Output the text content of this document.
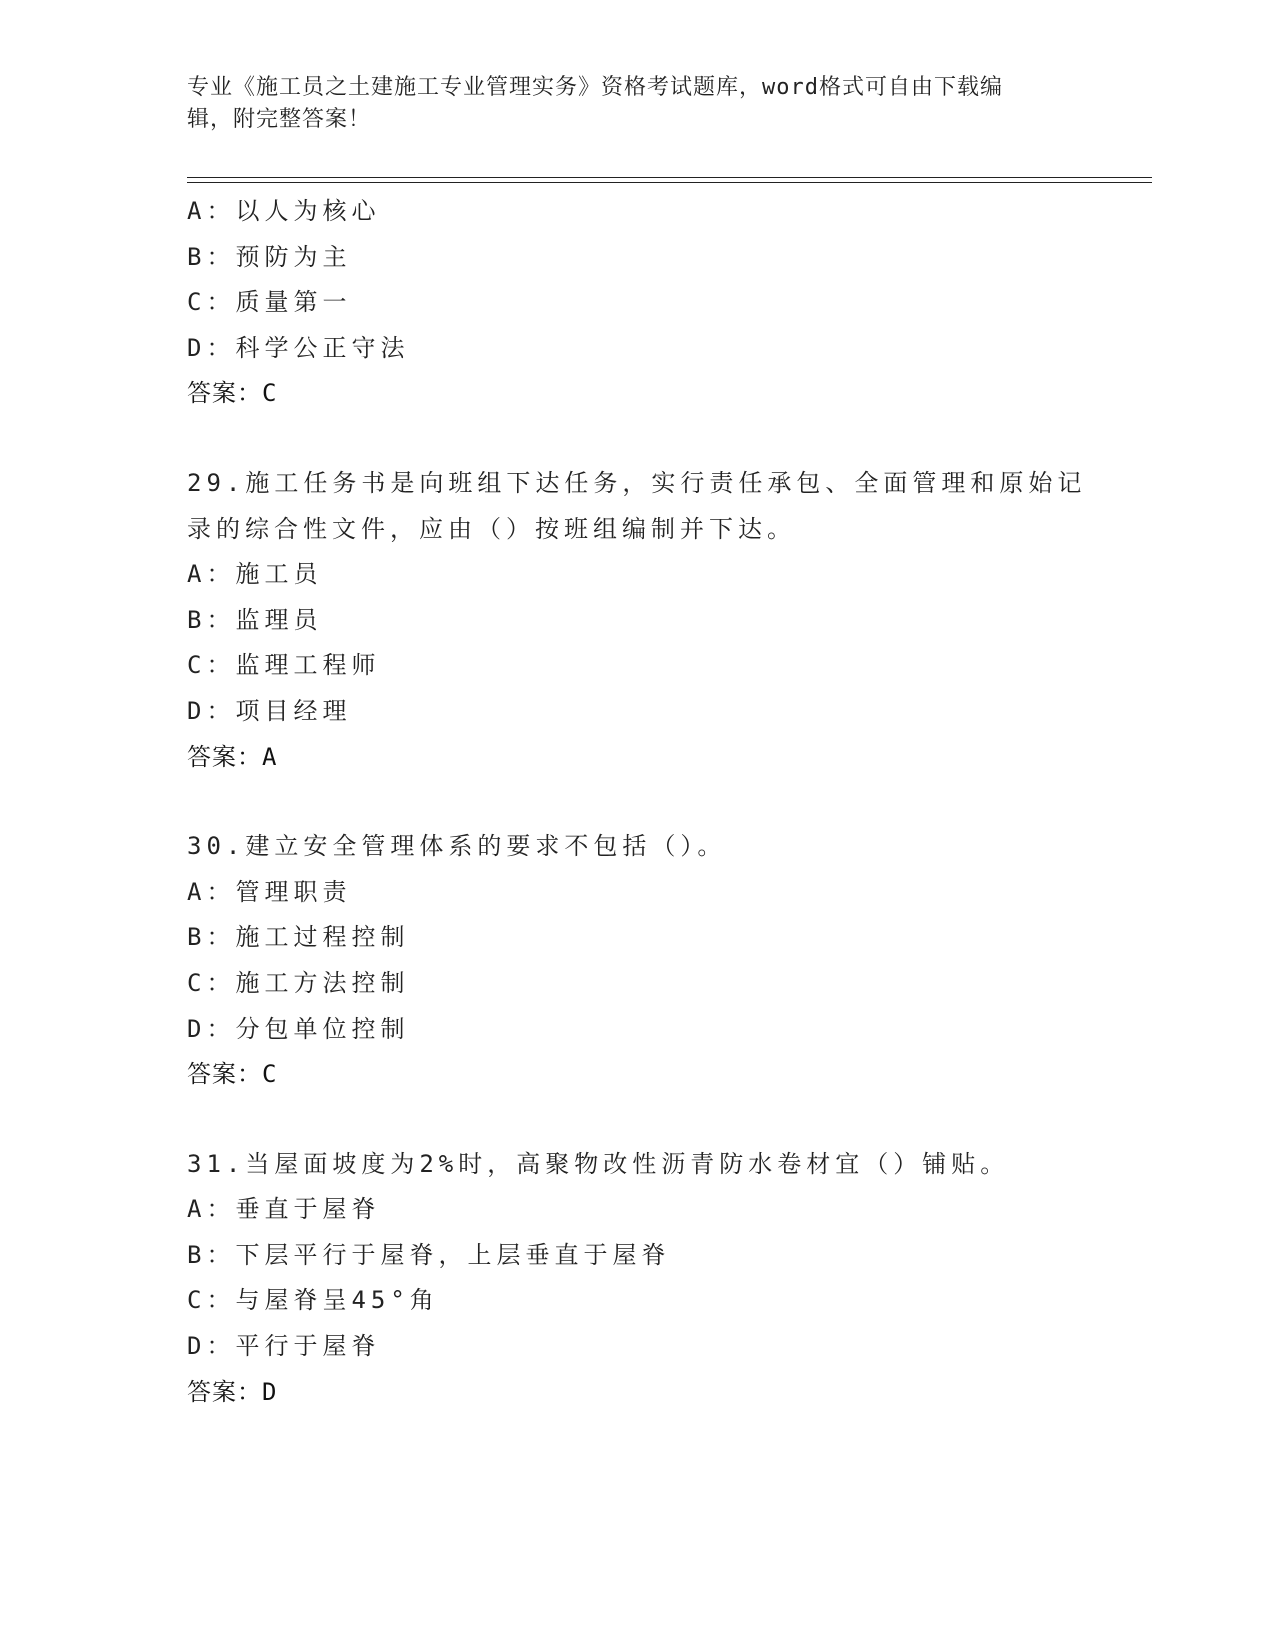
专业《施工员之土建施工专业管理实务》资格考试题库，word格式可自由下载编
辑，附完整答案！
A：以人为核心
B：预防为主
C：质量第一
D：科学公正守法
答案：C
29.施工任务书是向班组下达任务，实行责任承包、全面管理和原始记
录的综合性文件，应由（）按班组编制并下达。
A：施工员
B：监理员
C：监理工程师
D：项目经理
答案：A
30.建立安全管理体系的要求不包括（）。
A：管理职责
B：施工过程控制
C：施工方法控制
D：分包单位控制
答案：C
31.当屋面坡度为2%时，高聚物改性沥青防水卷材宜（）铺贴。
A：垂直于屋脊
B：下层平行于屋脊，上层垂直于屋脊
C：与屋脊呈45°角
D：平行于屋脊
答案：D
